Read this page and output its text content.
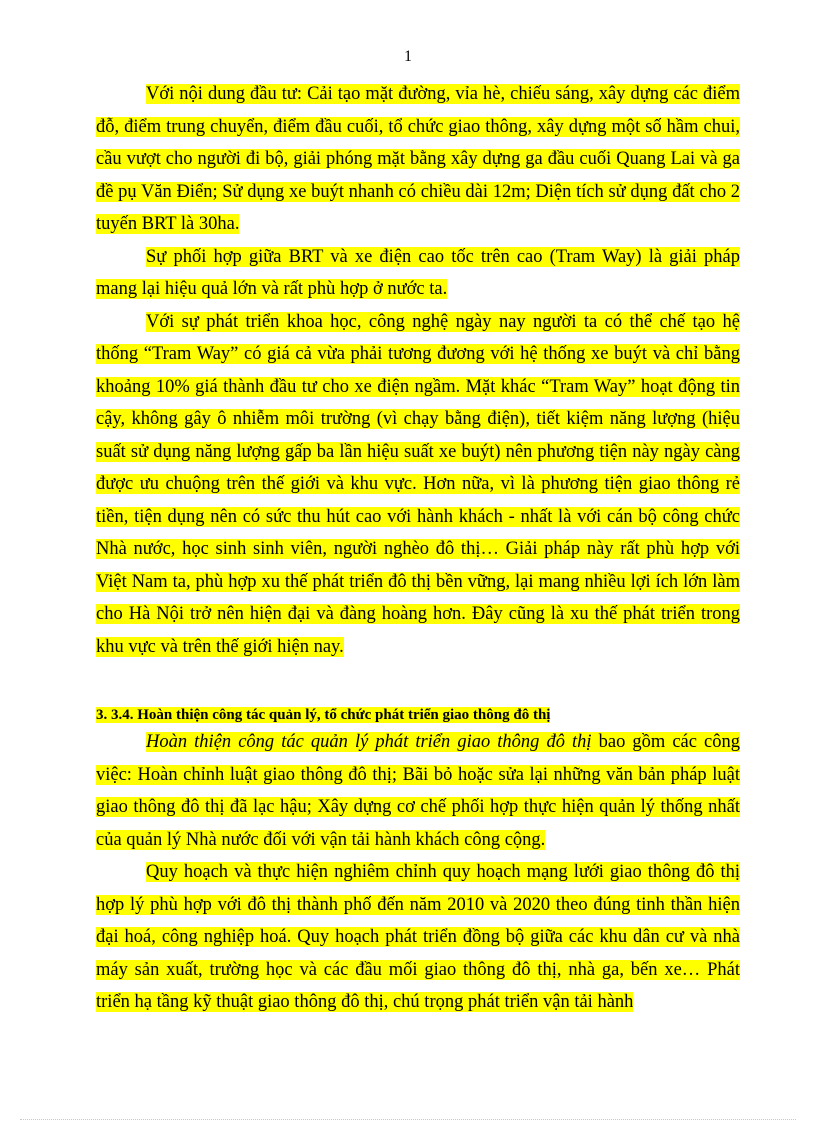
1

Với nội dung đầu tư: Cải tạo mặt đường, vỉa hè, chiếu sáng, xây dựng các điểm đỗ, điểm trung chuyển, điểm đầu cuối, tổ chức giao thông, xây dựng một số hầm chui, cầu vượt cho người đi bộ, giải phóng mặt bằng xây dựng ga đầu cuối Quang Lai và ga đề pụ Văn Điển; Sử dụng xe buýt nhanh có chiều dài 12m; Diện tích sử dụng đất cho 2 tuyến BRT là 30ha.

Sự phối hợp giữa BRT và xe điện cao tốc trên cao (Tram Way) là giải pháp mang lại hiệu quả lớn và rất phù hợp ở nước ta.

Với sự phát triển khoa học, công nghệ ngày nay người ta có thể chế tạo hệ thống “Tram Way” có giá cả vừa phải tương đương với hệ thống xe buýt và chỉ bằng khoảng 10% giá thành đầu tư cho xe điện ngầm. Mặt khác “Tram Way” hoạt động tin cậy, không gây ô nhiễm môi trường (vì chạy bằng điện), tiết kiệm năng lượng (hiệu suất sử dụng năng lượng gấp ba lần hiệu suất xe buýt) nên phương tiện này ngày càng được ưu chuộng trên thế giới và khu vực. Hơn nữa, vì là phương tiện giao thông rẻ tiền, tiện dụng nên có sức thu hút cao với hành khách - nhất là với cán bộ công chức Nhà nước, học sinh sinh viên, người nghèo đô thị… Giải pháp này rất phù hợp với Việt Nam ta, phù hợp xu thế phát triển đô thị bền vững, lại mang nhiều lợi ích lớn làm cho Hà Nội trở nên hiện đại và đàng hoàng hơn. Đây cũng là xu thế phát triển trong khu vực và trên thế giới hiện nay.

3. 3.4. Hoàn thiện công tác quản lý, tổ chức phát triển giao thông đô thị

Hoàn thiện công tác quản lý phát triển giao thông đô thị bao gồm các công việc: Hoàn chỉnh luật giao thông đô thị; Bãi bỏ hoặc sửa lại những văn bản pháp luật giao thông đô thị đã lạc hậu; Xây dựng cơ chế phối hợp thực hiện quản lý thống nhất của quản lý Nhà nước đối với vận tải hành khách công cộng.

Quy hoạch và thực hiện nghiêm chỉnh quy hoạch mạng lưới giao thông đô thị hợp lý phù hợp với đô thị thành phố đến năm 2010 và 2020 theo đúng tinh thần hiện đại hoá, công nghiệp hoá. Quy hoạch phát triển đồng bộ giữa các khu dân cư và nhà máy sản xuất, trường học và các đầu mối giao thông đô thị, nhà ga, bến xe… Phát triển hạ tầng kỹ thuật giao thông đô thị, chú trọng phát triển vận tải hành
